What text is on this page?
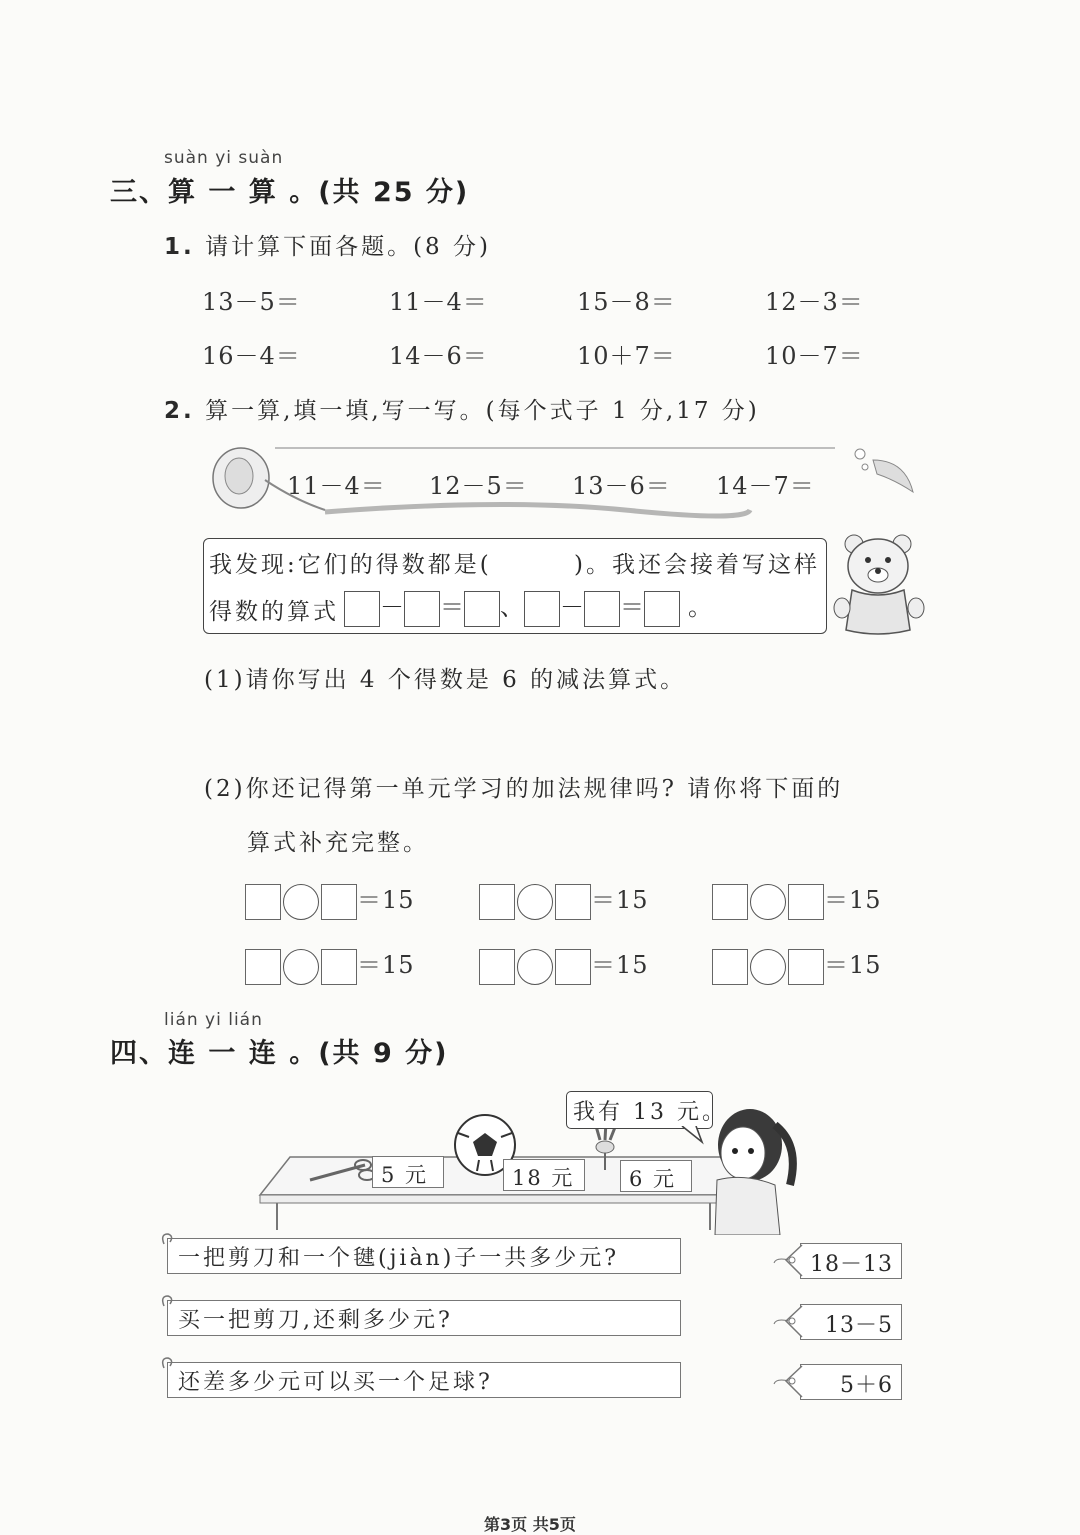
suàn yi suàn
三、算 一 算 。(共 25 分)
1. 请计算下面各题。(8 分)
13－5＝	11－4＝	15－8＝	12－3＝
16－4＝	14－6＝	10＋7＝	10－7＝
2. 算一算,填一填,写一写。(每个式子 1 分,17 分)
11－4＝ 12－5＝ 13－6＝ 14－7＝
我发现:它们的得数都是(	)。我还会接着写这样
得数的算式	－ ＝ 、 － ＝ 。
(1)请你写出 4 个得数是 6 的减法算式。
(2)你还记得第一单元学习的加法规律吗? 请你将下面的
算式补充完整。
＝15	＝15	＝15
＝15	＝15	＝15
lián yi lián
四、连 一 连 。(共 9 分)
5 元	18 元	6 元
我有 13 元。
一把剪刀和一个毽(jiàn)子一共多少元?
买一把剪刀,还剩多少元?
还差多少元可以买一个足球?
18－13
13－5
5＋6
第3页 共5页
